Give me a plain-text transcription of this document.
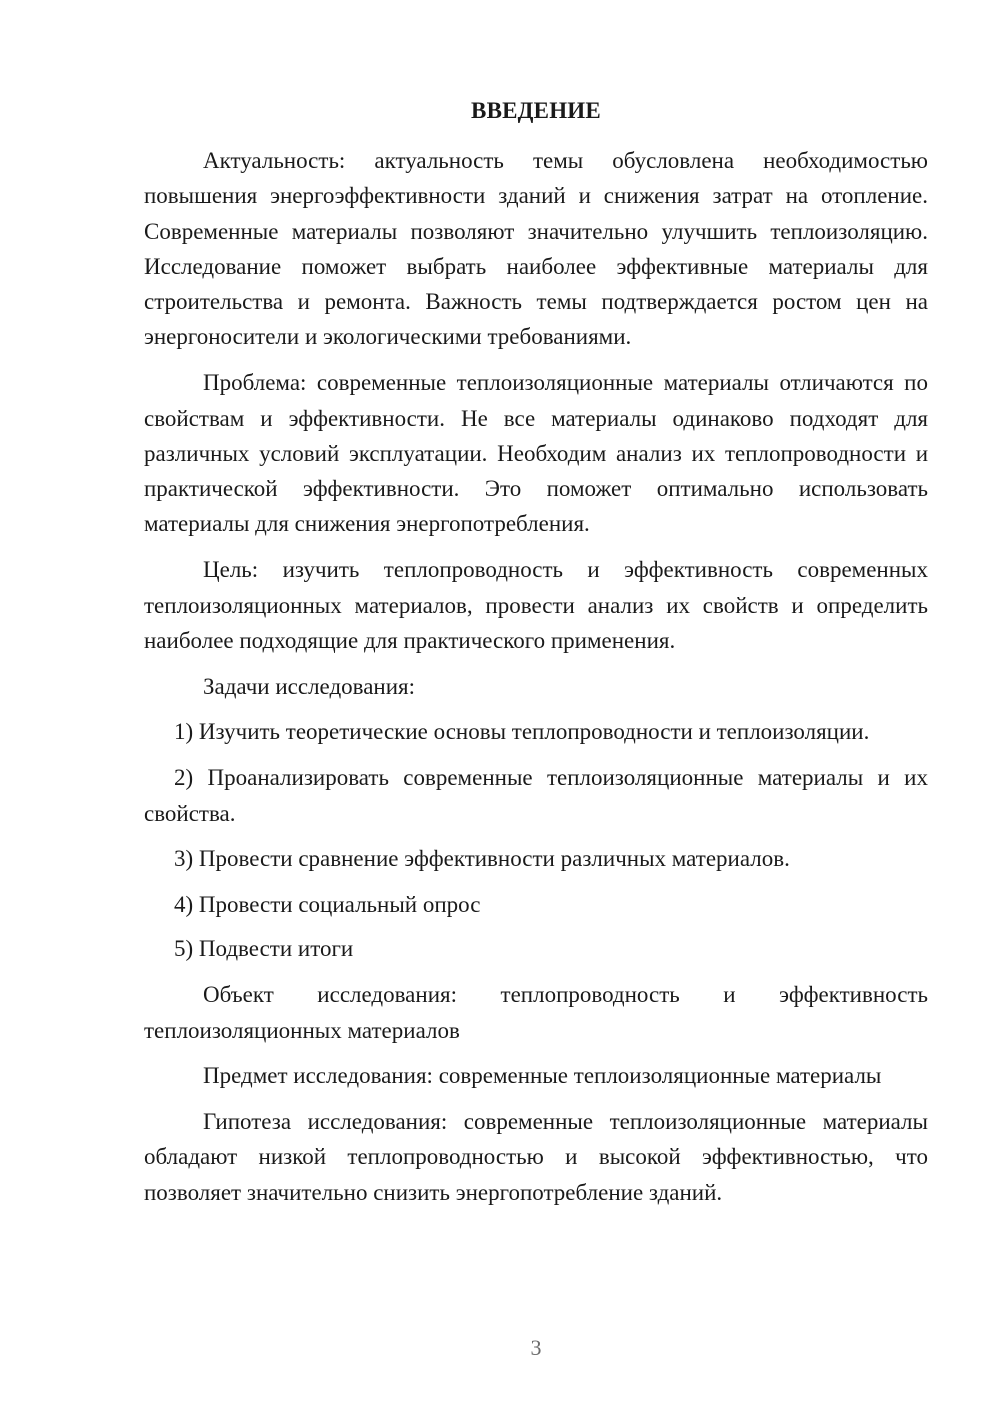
ВВЕДЕНИЕ

Актуальность: актуальность темы обусловлена необходимостью повышения энергоэффективности зданий и снижения затрат на отопление. Современные материалы позволяют значительно улучшить теплоизоляцию. Исследование поможет выбрать наиболее эффективные материалы для строительства и ремонта. Важность темы подтверждается ростом цен на энергоносители и экологическими требованиями.

Проблема: современные теплоизоляционные материалы отличаются по свойствам и эффективности. Не все материалы одинаково подходят для различных условий эксплуатации. Необходим анализ их теплопроводности и практической эффективности. Это поможет оптимально использовать материалы для снижения энергопотребления.

Цель: изучить теплопроводность и эффективность современных теплоизоляционных материалов, провести анализ их свойств и определить наиболее подходящие для практического применения.

Задачи исследования:

1) Изучить теоретические основы теплопроводности и теплоизоляции.

2) Проанализировать современные теплоизоляционные материалы и их свойства.

3) Провести сравнение эффективности различных материалов.

4) Провести социальный опрос

5) Подвести итоги

Объект исследования: теплопроводность и эффективность теплоизоляционных материалов

Предмет исследования: современные теплоизоляционные материалы

Гипотеза исследования: современные теплоизоляционные материалы обладают низкой теплопроводностью и высокой эффективностью, что позволяет значительно снизить энергопотребление зданий.

3
